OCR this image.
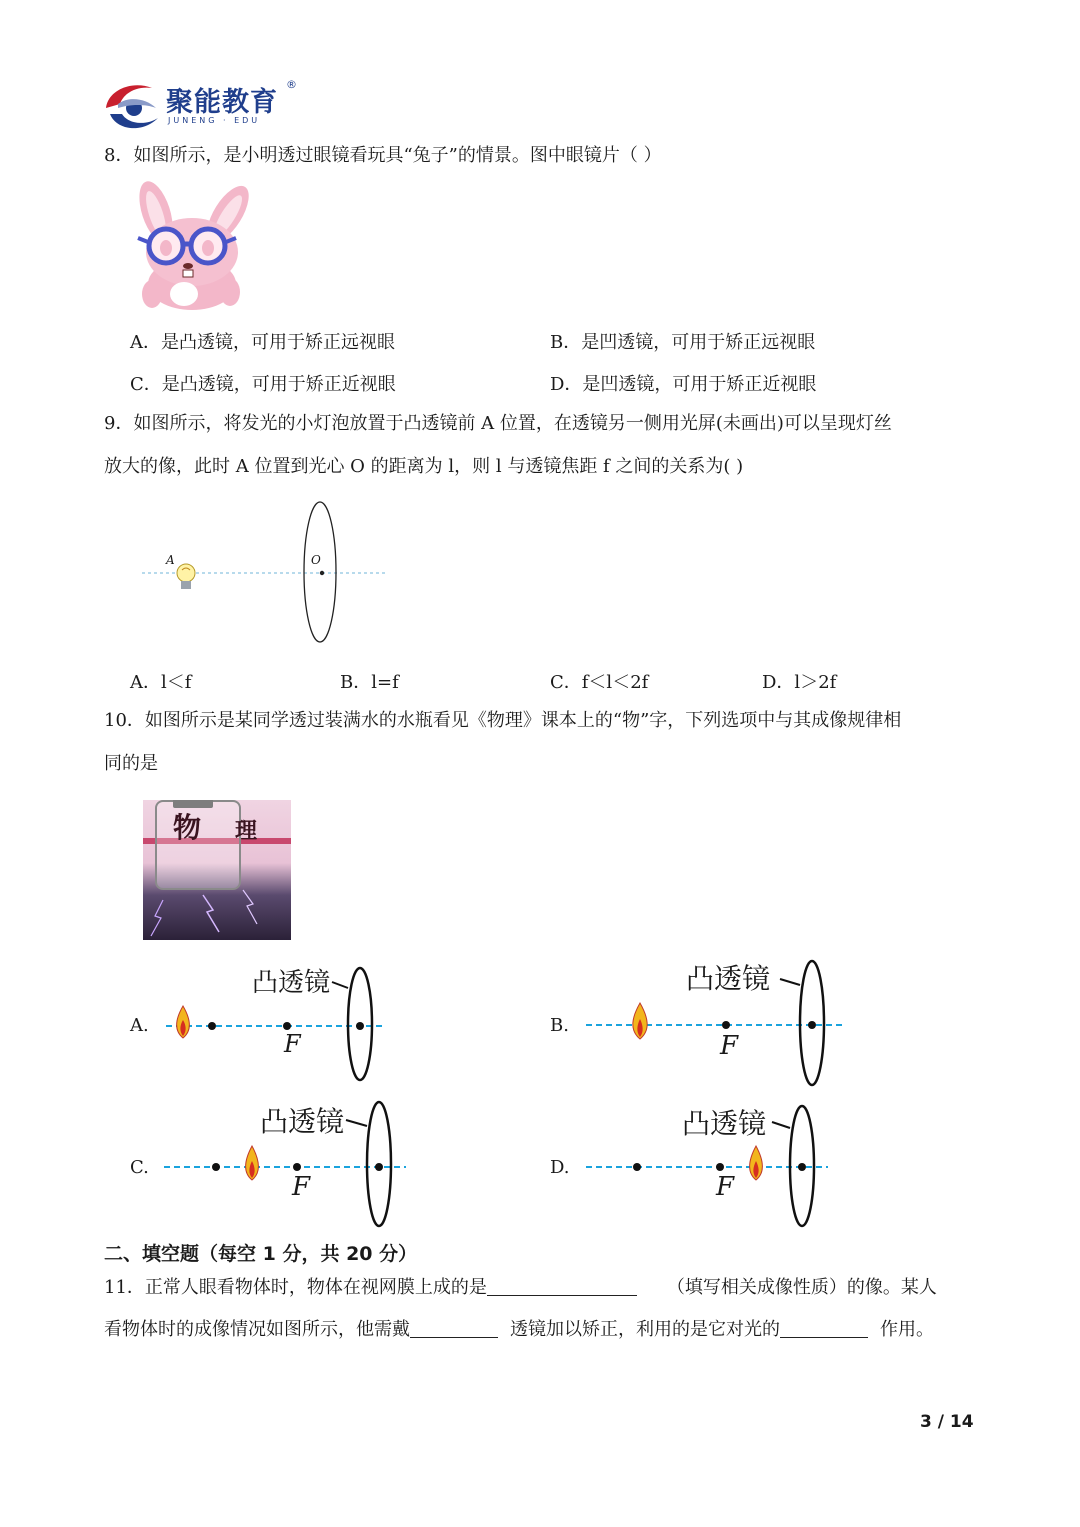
聚能教育
®
JUNENG · EDU
8．如图所示，是小明透过眼镜看玩具“兔子”的情景。图中眼镜片（ ）
A．是凸透镜，可用于矫正远视眼	B．是凹透镜，可用于矫正远视眼
C．是凸透镜，可用于矫正近视眼	D．是凹透镜，可用于矫正近视眼
9．如图所示，将发光的小灯泡放置于凸透镜前 A 位置，在透镜另一侧用光屏(未画出)可以呈现灯丝
放大的像，此时 A 位置到光心 O 的距离为 l，则 l 与透镜焦距 f 之间的关系为( )
A	O
A．l＜f	B．l=f	C．f＜l＜2f	D．l＞2f
10．如图所示是某同学透过装满水的水瓶看见《物理》课本上的“物”字，下列选项中与其成像规律相
同的是
物 理
A.
凸透镜
F
B.
凸透镜
F
C.
凸透镜
F
D.
凸透镜
F
二、填空题（每空 1 分，共 20 分）
11．正常人眼看物体时，物体在视网膜上成的是	（填写相关成像性质）的像。某人
看物体时的成像情况如图所示，他需戴	透镜加以矫正，利用的是它对光的	作用。
3 / 14
